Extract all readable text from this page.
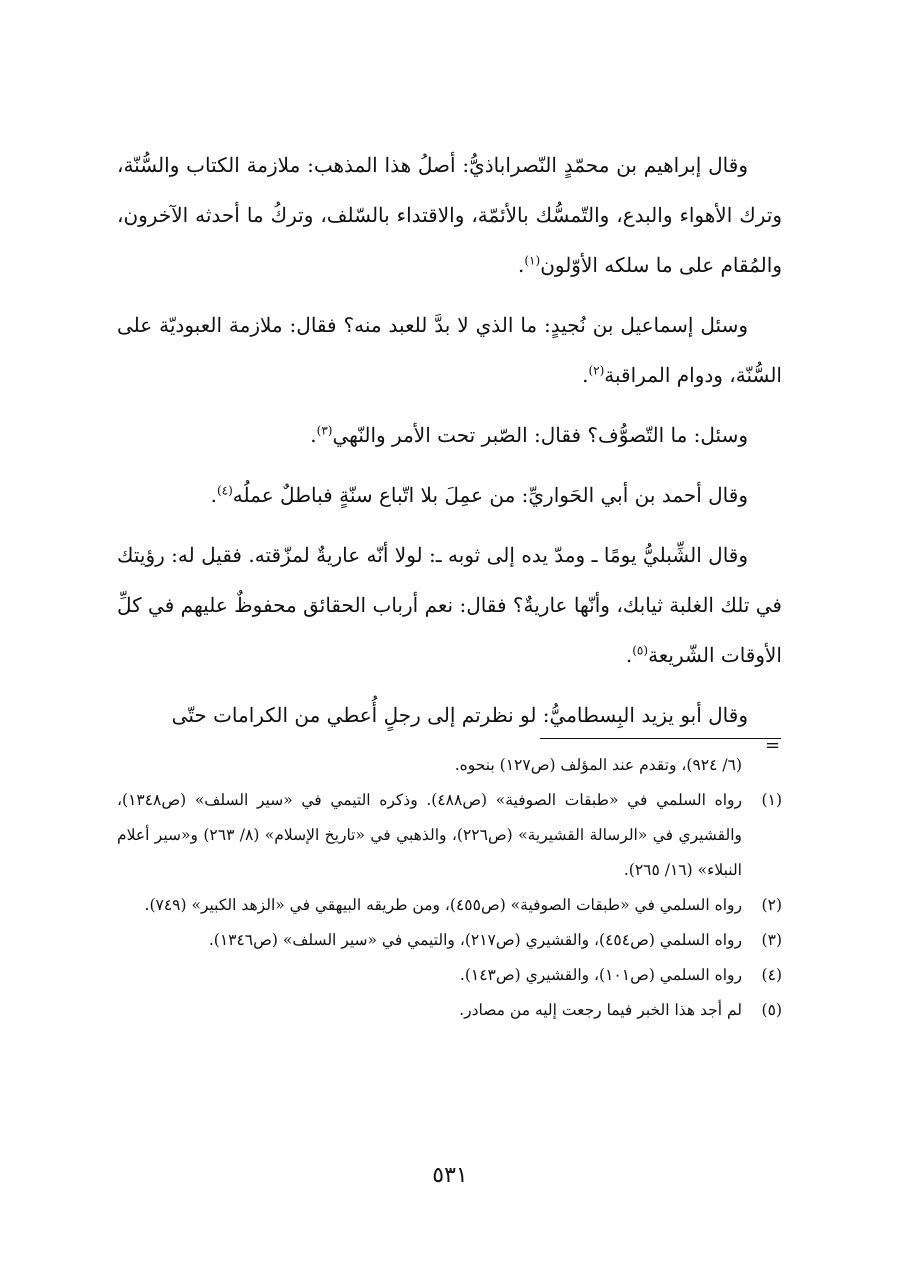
وقال إبراهيم بن محمّدٍ النّصراباذيُّ: أصلُ هذا المذهب: ملازمة الكتاب والسُّنّة، وترك الأهواء والبدع، والتّمسُّك بالأئمّة، والاقتداء بالسّلف، وتركُ ما أحدثه الآخرون، والمُقام على ما سلكه الأوّلون$^{(١)}$.

وسئل إسماعيل بن نُجيدٍ: ما الذي لا بدَّ للعبد منه؟ فقال: ملازمة العبوديّة على السُّنّة، ودوام المراقبة$^{(٢)}$.

وسئل: ما التّصوُّف؟ فقال: الصّبر تحت الأمر والنّهي$^{(٣)}$.

وقال أحمد بن أبي الحَواريِّ: من عمِلَ بلا اتّباع سنّةٍ فباطلٌ عملُه$^{(٤)}$.

وقال الشِّبليُّ يومًا ـ ومدّ يده إلى ثوبه ـ: لولا أنّه عاريةٌ لمزّقته. فقيل له: رؤيتك في تلك الغلبة ثيابك، وأنّها عاريةٌ؟ فقال: نعم أرباب الحقائق محفوظٌ عليهم في كلِّ الأوقات الشّريعة$^{(٥)}$.

وقال أبو يزيد البِسطاميُّ: لو نظرتم إلى رجلٍ أُعطي من الكرامات حتّى

=

(٦/ ٩٢٤)، وتقدم عند المؤلف (ص١٢٧) بنحوه.

(١)
رواه السلمي في «طبقات الصوفية» (ص٤٨٨). وذكره التيمي في «سير السلف» (ص١٣٤٨)، والقشيري في «الرسالة القشيرية» (ص٢٢٦)، والذهبي في «تاريخ الإسلام» (٨/ ٢٦٣) و«سير أعلام النبلاء» (١٦/ ٢٦٥).

(٢)
رواه السلمي في «طبقات الصوفية» (ص٤٥٥)، ومن طريقه البيهقي في «الزهد الكبير» (٧٤٩).

(٣)
رواه السلمي (ص٤٥٤)، والقشيري (ص٢١٧)، والتيمي في «سير السلف» (ص١٣٤٦).

(٤)
رواه السلمي (ص١٠١)، والقشيري (ص١٤٣).

(٥)
لم أجد هذا الخبر فيما رجعت إليه من مصادر.

٥٣١
